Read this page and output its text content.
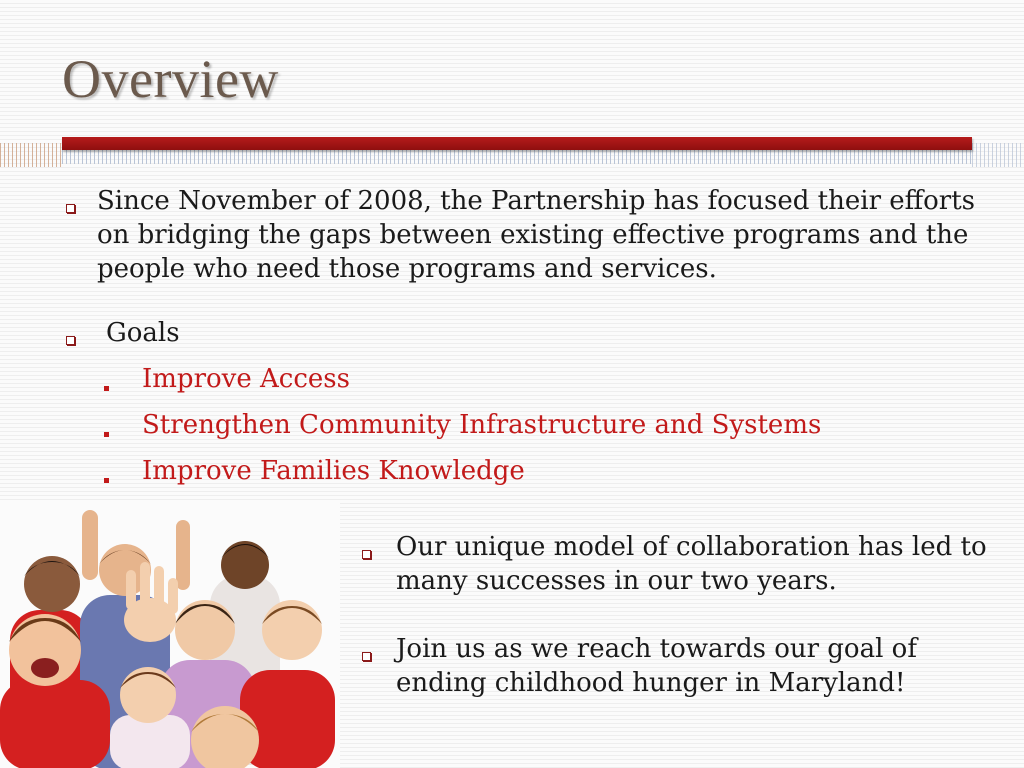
Overview
Since November of 2008, the Partnership has focused their efforts on bridging the gaps between existing effective programs and the people who need those programs and services.
Goals
Improve Access
Strengthen Community Infrastructure and Systems
Improve Families Knowledge
Our unique model of collaboration has led to many successes in our two years.
Join us as we reach towards our goal of ending childhood hunger in Maryland!
